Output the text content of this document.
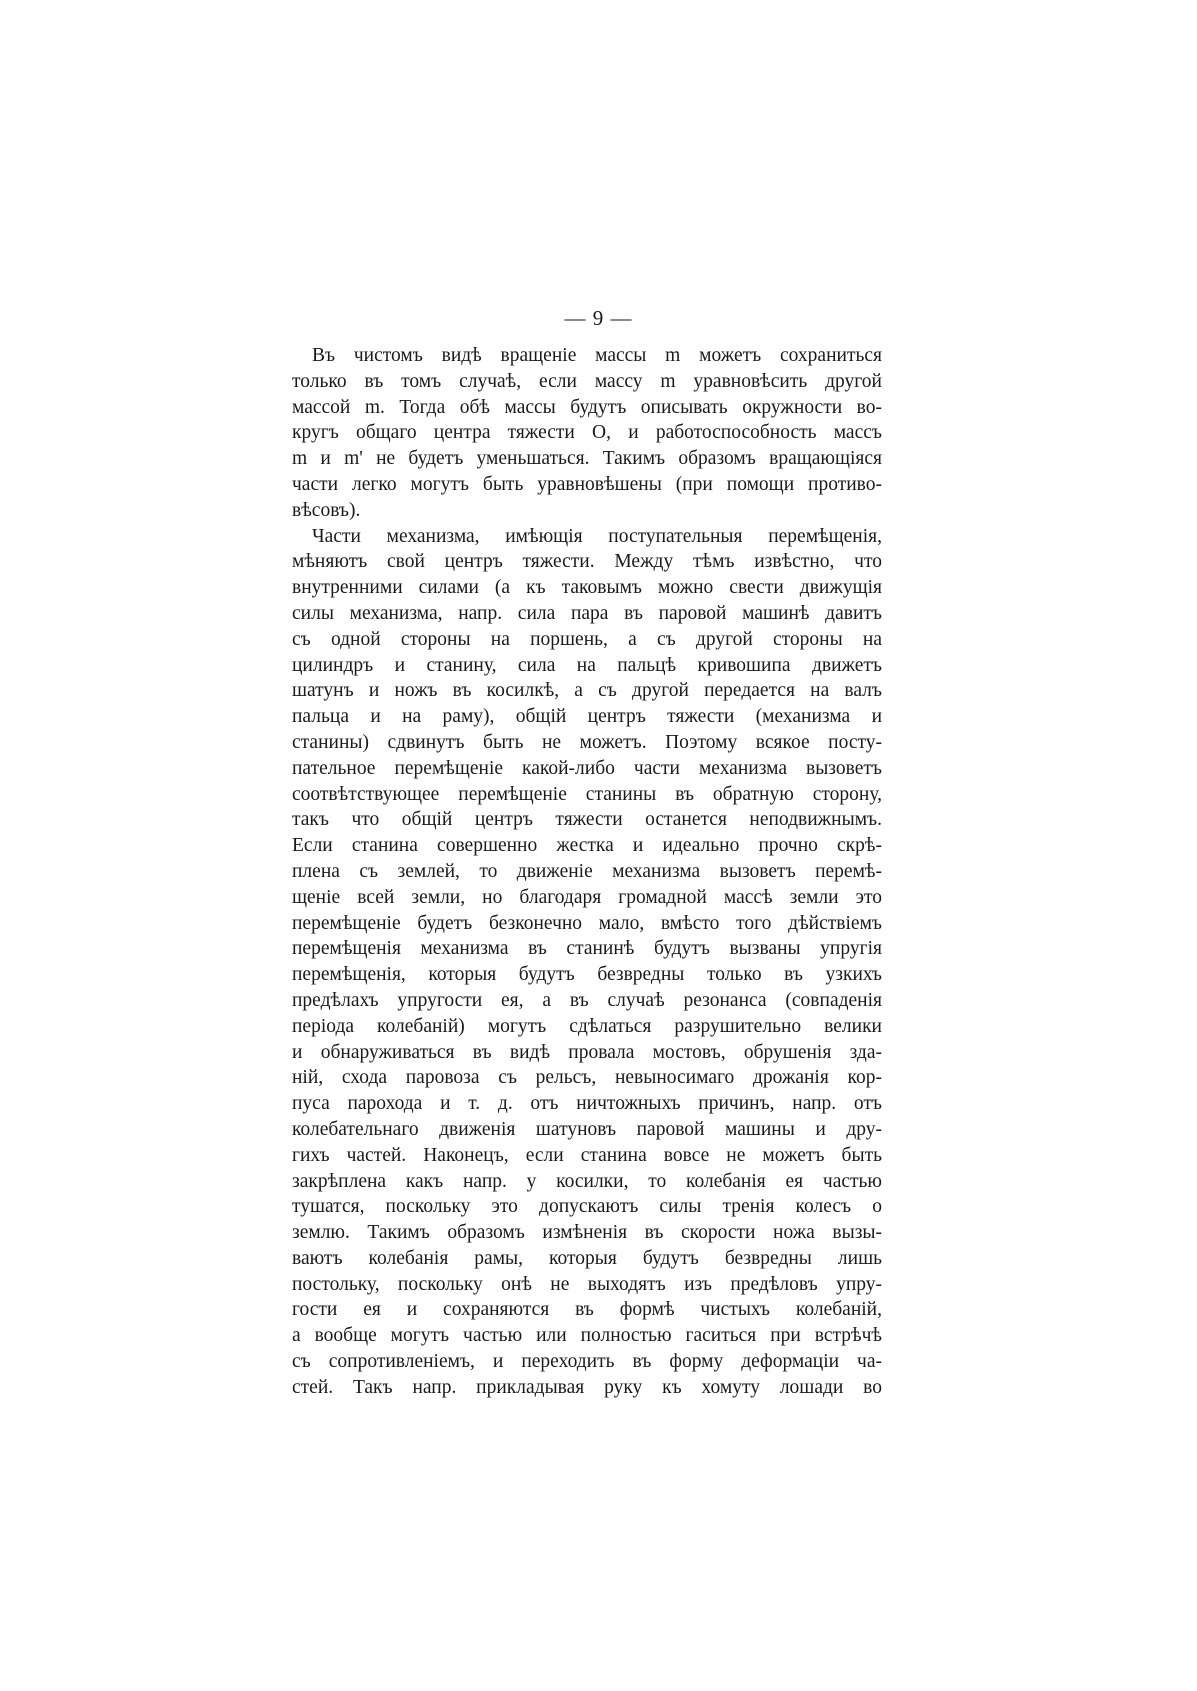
— 9 —
Въ чистомъ видѣ вращенiе массы m можетъ сохраниться
только въ томъ случаѣ, если массу m уравновѣсить другой
массой m. Тогда обѣ массы будутъ описывать окружности во-
кругъ общаго центра тяжести O, и работоспособность массъ
m и m' не будетъ уменьшаться. Такимъ образомъ вращающiяся
части легко могутъ быть уравновѣшены (при помощи противо-
вѣсовъ).
Части механизма, имѣющiя поступательныя перемѣщенiя,
мѣняютъ свой центръ тяжести. Между тѣмъ извѣстно, что
внутренними силами (а къ таковымъ можно свести движущiя
силы механизма, напр. сила пара въ паровой машинѣ давитъ
съ одной стороны на поршень, а съ другой стороны на
цилиндръ и станину, сила на пальцѣ кривошипа движетъ
шатунъ и ножъ въ косилкѣ, а съ другой передается на валъ
пальца и на раму), общiй центръ тяжести (механизма и
станины) сдвинутъ быть не можетъ. Поэтому всякое посту-
пательное перемѣщенiе какой-либо части механизма вызоветъ
соотвѣтствующее перемѣщенiе станины въ обратную сторону,
такъ что общiй центръ тяжести останется неподвижнымъ.
Если станина совершенно жестка и идеально прочно скрѣ-
плена съ землей, то движенiе механизма вызоветъ перемѣ-
щенiе всей земли, но благодаря громадной массѣ земли это
перемѣщенiе будетъ безконечно мало, вмѣсто того дѣйствiемъ
перемѣщенiя механизма въ станинѣ будутъ вызваны упругiя
перемѣщенiя, которыя будутъ безвредны только въ узкихъ
предѣлахъ упругости ея, а въ случаѣ резонанса (совпаденiя
перiода колебанiй) могутъ сдѣлаться разрушительно велики
и обнаруживаться въ видѣ провала мостовъ, обрушенiя зда-
нiй, схода паровоза съ рельсъ, невыносимаго дрожанiя кор-
пуса парохода и т. д. отъ ничтожныхъ причинъ, напр. отъ
колебательнаго движенiя шатуновъ паровой машины и дру-
гихъ частей. Наконецъ, если станина вовсе не можетъ быть
закрѣплена какъ напр. у косилки, то колебанiя ея частью
тушатся, поскольку это допускаютъ силы тренiя колесъ о
землю. Такимъ образомъ измѣненiя въ скорости ножа вызы-
ваютъ колебанiя рамы, которыя будутъ безвредны лишь
постольку, поскольку онѣ не выходятъ изъ предѣловъ упру-
гости ея и сохраняются въ формѣ чистыхъ колебанiй,
а вообще могутъ частью или полностью гаситься при встрѣчѣ
съ сопротивленiемъ, и переходить въ форму деформацiи ча-
стей. Такъ напр. прикладывая руку къ хомуту лошади во
